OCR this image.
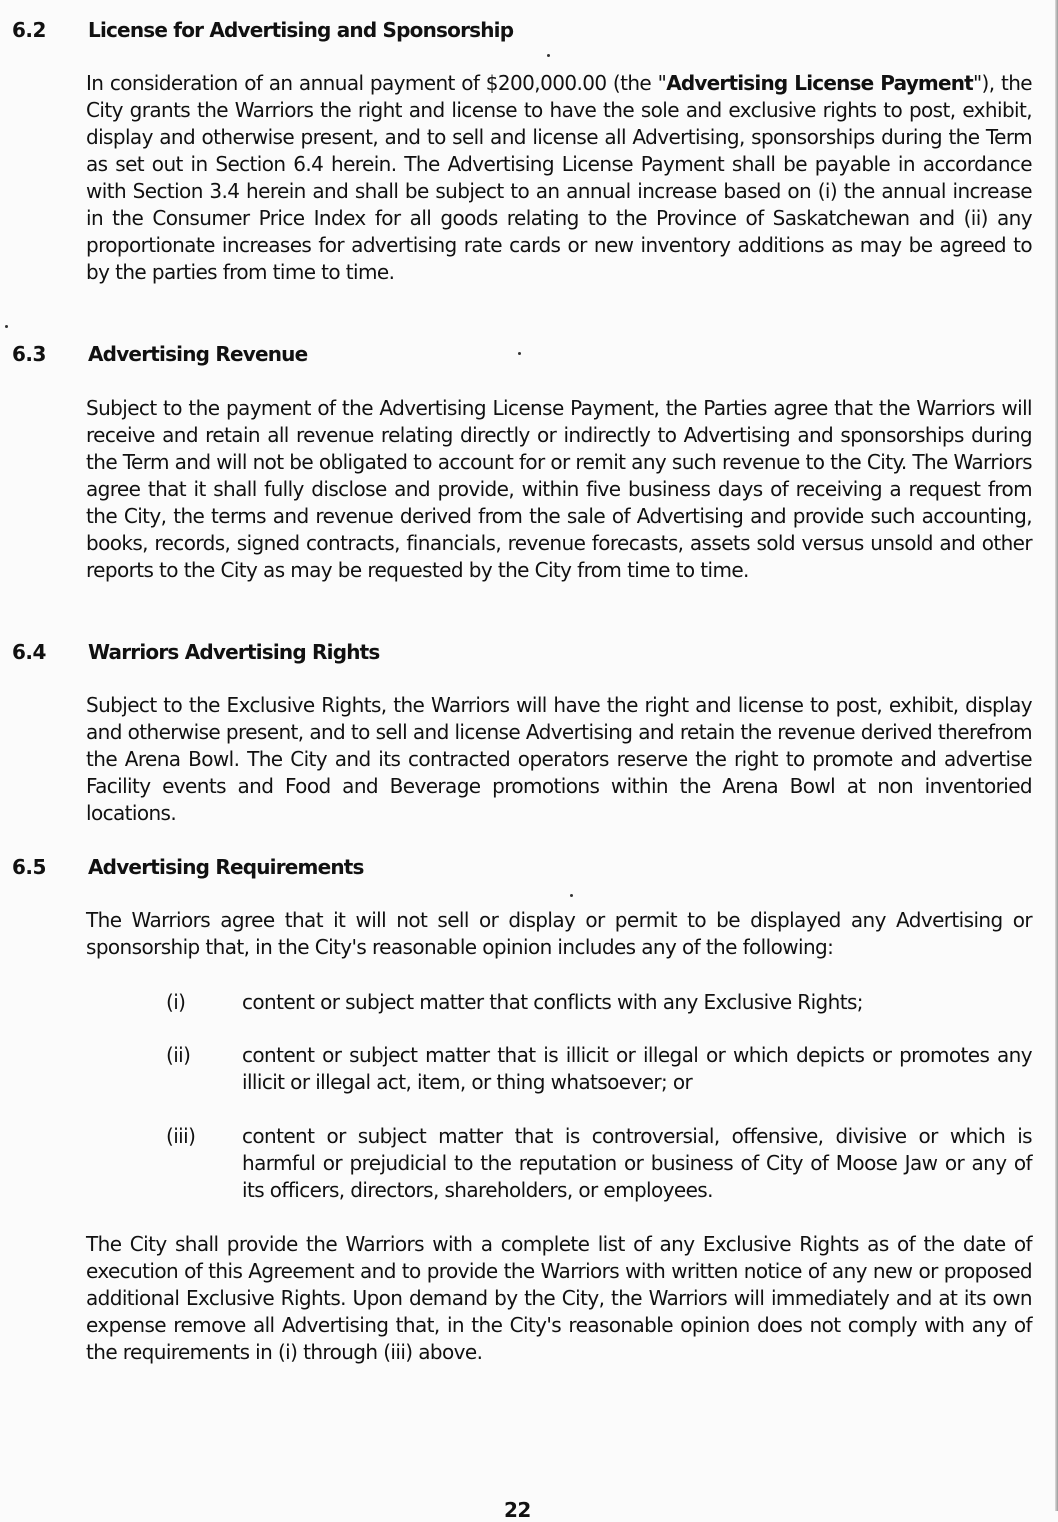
6.2 License for Advertising and Sponsorship

In consideration of an annual payment of $200,000.00 (the "Advertising License Payment"), the City grants the Warriors the right and license to have the sole and exclusive rights to post, exhibit, display and otherwise present, and to sell and license all Advertising, sponsorships during the Term as set out in Section 6.4 herein. The Advertising License Payment shall be payable in accordance with Section 3.4 herein and shall be subject to an annual increase based on (i) the annual increase in the Consumer Price Index for all goods relating to the Province of Saskatchewan and (ii) any proportionate increases for advertising rate cards or new inventory additions as may be agreed to by the parties from time to time.

6.3 Advertising Revenue

Subject to the payment of the Advertising License Payment, the Parties agree that the Warriors will receive and retain all revenue relating directly or indirectly to Advertising and sponsorships during the Term and will not be obligated to account for or remit any such revenue to the City. The Warriors agree that it shall fully disclose and provide, within five business days of receiving a request from the City, the terms and revenue derived from the sale of Advertising and provide such accounting, books, records, signed contracts, financials, revenue forecasts, assets sold versus unsold and other reports to the City as may be requested by the City from time to time.

6.4 Warriors Advertising Rights

Subject to the Exclusive Rights, the Warriors will have the right and license to post, exhibit, display and otherwise present, and to sell and license Advertising and retain the revenue derived therefrom the Arena Bowl. The City and its contracted operators reserve the right to promote and advertise Facility events and Food and Beverage promotions within the Arena Bowl at non inventoried locations.

6.5 Advertising Requirements

The Warriors agree that it will not sell or display or permit to be displayed any Advertising or sponsorship that, in the City's reasonable opinion includes any of the following:

(i)	content or subject matter that conflicts with any Exclusive Rights;

(ii)	content or subject matter that is illicit or illegal or which depicts or promotes any illicit or illegal act, item, or thing whatsoever; or

(iii) content or subject matter that is controversial, offensive, divisive or which is harmful or prejudicial to the reputation or business of City of Moose Jaw or any of its officers, directors, shareholders, or employees.

The City shall provide the Warriors with a complete list of any Exclusive Rights as of the date of execution of this Agreement and to provide the Warriors with written notice of any new or proposed additional Exclusive Rights. Upon demand by the City, the Warriors will immediately and at its own expense remove all Advertising that, in the City's reasonable opinion does not comply with any of the requirements in (i) through (iii) above.

22
